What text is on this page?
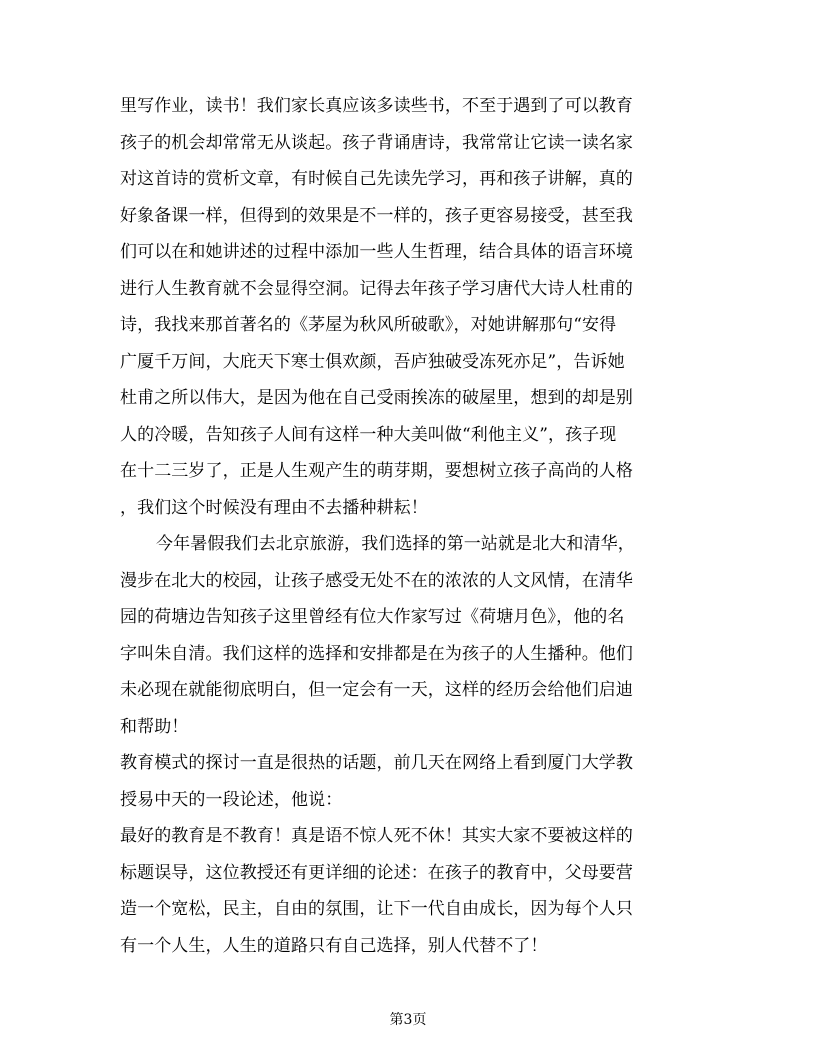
里写作业，读书！我们家长真应该多读些书，不至于遇到了可以教育
孩子的机会却常常无从谈起。孩子背诵唐诗，我常常让它读一读名家
对这首诗的赏析文章，有时候自己先读先学习，再和孩子讲解，真的
好象备课一样，但得到的效果是不一样的，孩子更容易接受，甚至我
们可以在和她讲述的过程中添加一些人生哲理，结合具体的语言环境
进行人生教育就不会显得空洞。记得去年孩子学习唐代大诗人杜甫的
诗，我找来那首著名的《茅屋为秋风所破歌》，对她讲解那句“安得
广厦千万间，大庇天下寒士俱欢颜，吾庐独破受冻死亦足”，告诉她
杜甫之所以伟大，是因为他在自己受雨挨冻的破屋里，想到的却是别
人的冷暖，告知孩子人间有这样一种大美叫做“利他主义”，孩子现
在十二三岁了，正是人生观产生的萌芽期，要想树立孩子高尚的人格
，我们这个时候没有理由不去播种耕耘！
今年暑假我们去北京旅游，我们选择的第一站就是北大和清华，
漫步在北大的校园，让孩子感受无处不在的浓浓的人文风情，在清华
园的荷塘边告知孩子这里曾经有位大作家写过《荷塘月色》，他的名
字叫朱自清。我们这样的选择和安排都是在为孩子的人生播种。他们
未必现在就能彻底明白，但一定会有一天，这样的经历会给他们启迪
和帮助！
教育模式的探讨一直是很热的话题，前几天在网络上看到厦门大学教
授易中天的一段论述，他说：
最好的教育是不教育！真是语不惊人死不休！其实大家不要被这样的
标题误导，这位教授还有更详细的论述：在孩子的教育中，父母要营
造一个宽松，民主，自由的氛围，让下一代自由成长，因为每个人只
有一个人生，人生的道路只有自己选择，别人代替不了！
第3页
